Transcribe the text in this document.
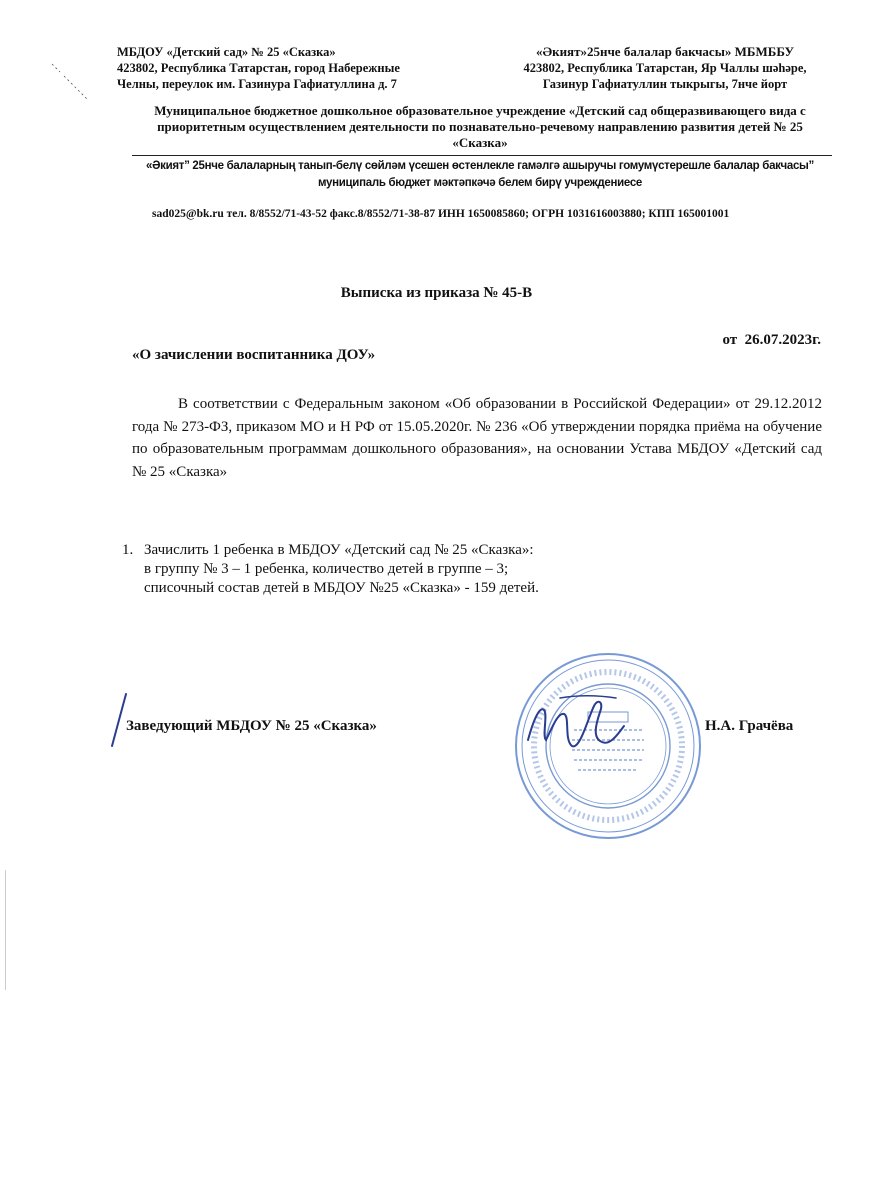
МБДОУ «Детский сад» № 25 «Сказка»
423802, Республика Татарстан, город Набережные
Челны, переулок им. Газинура Гафиатуллина д. 7
«Әкият»25нче балалар бакчасы» МБМББУ
423802, Республика Татарстан, Яр Чаллы шәһәре,
Газинур Гафиатуллин тыкрыгы, 7нче йорт
Муниципальное бюджетное дошкольное образовательное учреждение «Детский сад общеразвивающего вида с приоритетным осуществлением деятельности по познавательно-речевому направлению развития детей № 25 «Сказка»
«Әкият” 25нче балаларның танып-белү сөйләм үсешен өстенлекле гамәлгә ашыручы гомумүстерешле балалар бакчасы” муниципаль бюджет мәктәпкәчә белем бирү учреждениесе
sad025@bk.ru тел. 8/8552/71-43-52 факс.8/8552/71-38-87 ИНН 1650085860; ОГРН 1031616003880; КПП 165001001
Выписка из приказа № 45-В
от  26.07.2023г.
«О зачислении воспитанника ДОУ»

В соответствии с Федеральным законом «Об образовании в Российской Федерации» от 29.12.2012 года № 273-ФЗ, приказом МО и Н РФ от 15.05.2020г. № 236 «Об утверждении порядка приёма на обучение по образовательным программам дошкольного образования», на основании Устава МБДОУ «Детский сад № 25 «Сказка»

1. Зачислить 1 ребенка в МБДОУ «Детский сад № 25 «Сказка»:
в группу № 3 – 1 ребенка, количество детей в группе – 3;
списочный состав детей в МБДОУ №25 «Сказка» - 159 детей.
Заведующий МБДОУ № 25 «Сказка»	Н.А. Грачёва
